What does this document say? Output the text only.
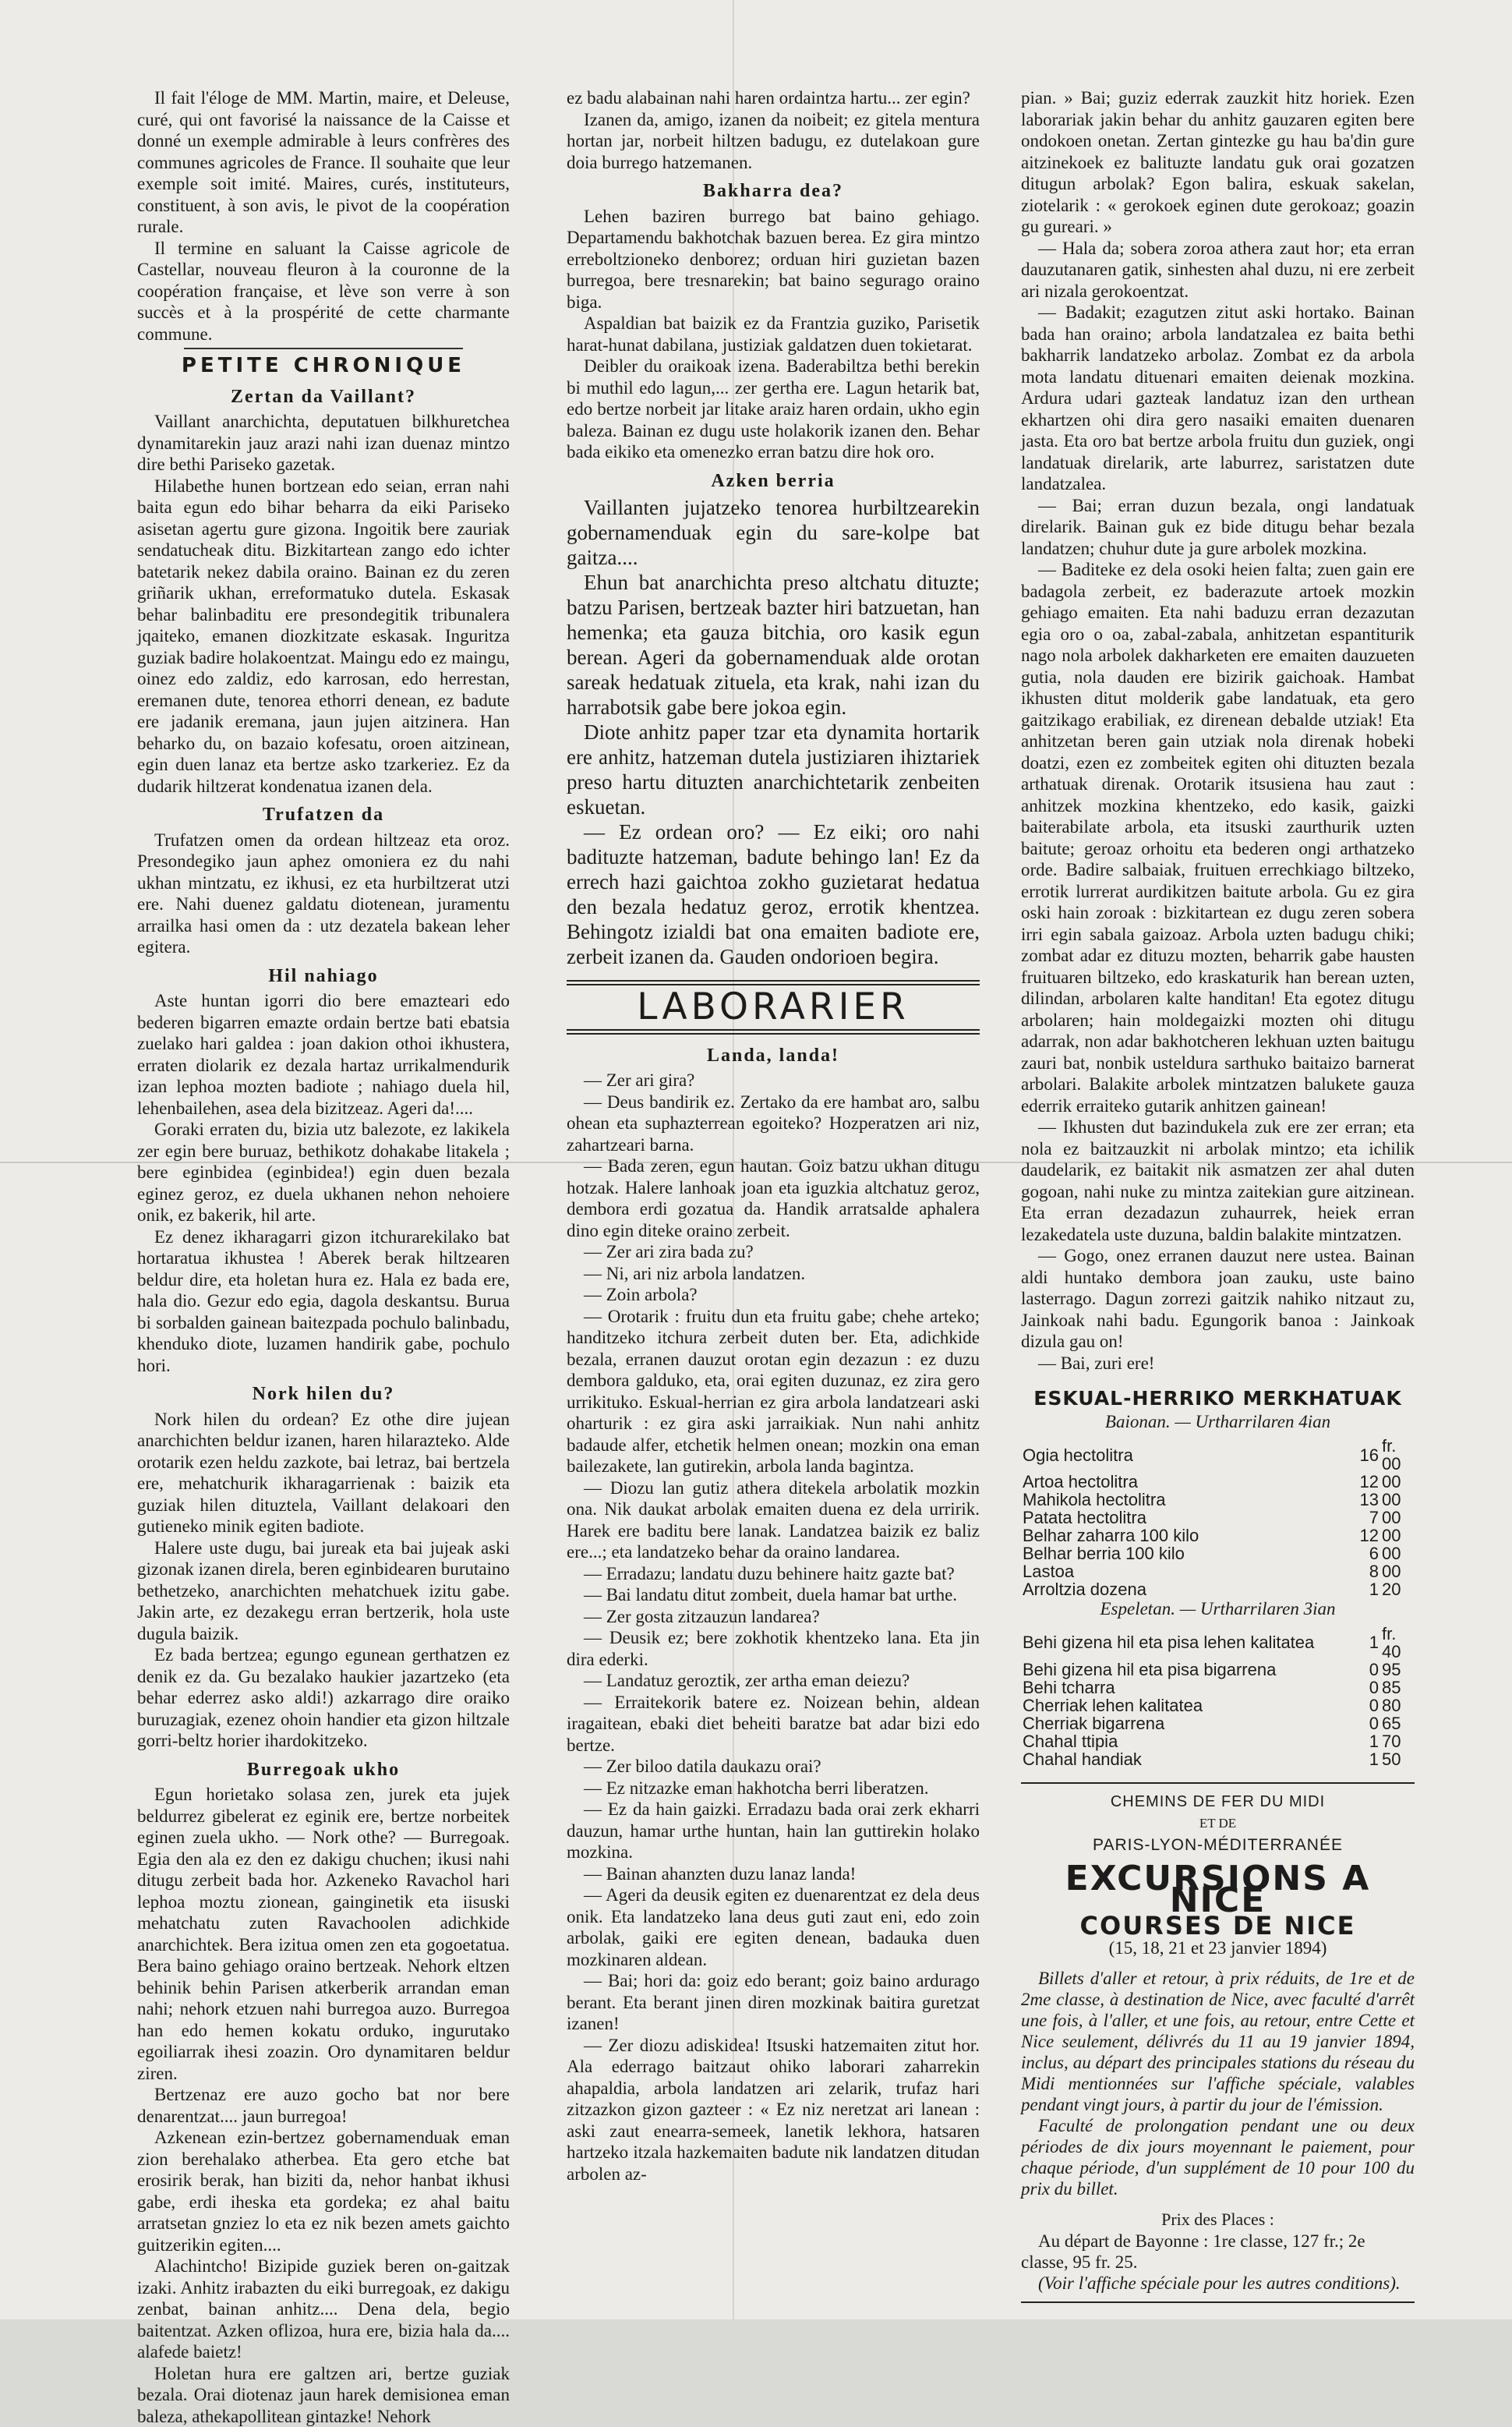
Il fait l'éloge de MM. Martin, maire, et Deleuse, curé, qui ont favorisé la naissance de la Caisse et donné un exemple admirable à leurs confrères des communes agricoles de France. Il souhaite que leur exemple soit imité. Maires, curés, instituteurs, constituent, à son avis, le pivot de la coopération rurale.

Il termine en saluant la Caisse agricole de Castellar, nouveau fleuron à la couronne de la coopération française, et lève son verre à son succès et à la prospérité de cette charmante commune.

PETITE CHRONIQUE
Zertan da Vaillant?

Vaillant anarchichta, deputatuen bilkhuretchea dynamitarekin jauz arazi nahi izan duenaz mintzo dire bethi Pariseko gazetak.

Hilabethe hunen bortzean edo seian, erran nahi baita egun edo bihar beharra da eiki Pariseko asisetan agertu gure gizona. Ingoitik bere zauriak sendatucheak ditu. Bizkitartean zango edo ichter batetarik nekez dabila oraino. Bainan ez du zeren griñarik ukhan, erreformatuko dutela. Eskasak behar balinbaditu ere presondegitik tribunalera jqaiteko, emanen diozkitzate eskasak. Inguritza guziak badire holakoentzat. Maingu edo ez maingu, oinez edo zaldiz, edo karrosan, edo herrestan, eremanen dute, tenorea ethorri denean, ez badute ere jadanik eremana, jaun jujen aitzinera. Han beharko du, on bazaio kofesatu, oroen aitzinean, egin duen lanaz eta bertze asko tzarkeriez. Ez da dudarik hiltzerat kondenatua izanen dela.

Trufatzen da

Trufatzen omen da ordean hiltzeaz eta oroz. Presondegiko jaun aphez omoniera ez du nahi ukhan mintzatu, ez ikhusi, ez eta hurbiltzerat utzi ere. Nahi duenez galdatu diotenean, juramentu arrailka hasi omen da : utz dezatela bakean leher egitera.

Hil nahiago

Aste huntan igorri dio bere emazteari edo bederen bigarren emazte ordain bertze bati ebatsia zuelako hari galdea : joan dakion othoi ikhustera, erraten diolarik ez dezala hartaz urrikalmendurik izan lephoa mozten badiote ; nahiago duela hil, lehenbailehen, asea dela bizitzeaz. Ageri da!....

Goraki erraten du, bizia utz balezote, ez lakikela zer egin bere buruaz, bethikotz dohakabe litakela ; bere eginbidea (eginbidea!) egin duen bezala eginez geroz, ez duela ukhanen nehon nehoiere onik, ez bakerik, hil arte.

Ez denez ikharagarri gizon itchurarekilako bat hortaratua ikhustea ! Aberek berak hiltzearen beldur dire, eta holetan hura ez. Hala ez bada ere, hala dio. Gezur edo egia, dagola deskantsu. Burua bi sorbalden gainean baitezpada pochulo balinbadu, khenduko diote, luzamen handirik gabe, pochulo hori.

Nork hilen du?

Nork hilen du ordean? Ez othe dire jujean anarchichten beldur izanen, haren hilarazteko. Alde orotarik ezen heldu zazkote, bai letraz, bai bertzela ere, mehatchurik ikharagarrienak : baizik eta guziak hilen dituztela, Vaillant delakoari den gutieneko minik egiten badiote.

Halere uste dugu, bai jureak eta bai jujeak aski gizonak izanen direla, beren eginbidearen burutaino bethetzeko, anarchichten mehatchuek izitu gabe. Jakin arte, ez dezakegu erran bertzerik, hola uste dugula baizik.

Ez bada bertzea; egungo egunean gerthatzen ez denik ez da. Gu bezalako haukier jazartzeko (eta behar ederrez asko aldi!) azkarrago dire oraiko buruzagiak, ezenez ohoin handier eta gizon hiltzale gorri-beltz horier ihardokitzeko.

Burregoak ukho

Egun horietako solasa zen, jurek eta jujek beldurrez gibelerat ez eginik ere, bertze norbeitek eginen zuela ukho. — Nork othe? — Burregoak. Egia den ala ez den ez dakigu chuchen; ikusi nahi ditugu zerbeit bada hor. Azkeneko Ravachol hari lephoa moztu zionean, gainginetik eta iisuski mehatchatu zuten Ravachoolen adichkide anarchichtek. Bera izitua omen zen eta gogoetatua. Bera baino gehiago oraino bertzeak. Nehork eltzen behinik behin Parisen atkerberik arrandan eman nahi; nehork etzuen nahi burregoa auzo. Burregoa han edo hemen kokatu orduko, ingurutako egoiliarrak ihesi zoazin. Oro dynamitaren beldur ziren.

Bertzenaz ere auzo gocho bat nor bere denarentzat.... jaun burregoa!

Azkenean ezin-bertzez gobernamenduak eman zion berehalako atherbea. Eta gero etche bat erosirik berak, han biziti da, nehor hanbat ikhusi gabe, erdi iheska eta gordeka; ez ahal baitu arratsetan gnziez lo eta ez nik bezen amets gaichto guitzerikin egiten....

Alachintcho! Bizipide guziek beren on-gaitzak izaki. Anhitz irabazten du eiki burregoak, ez dakigu zenbat, bainan anhitz.... Dena dela, begio baitentzat. Azken oflizoa, hura ere, bizia hala da.... alafede baietz!

Holetan hura ere galtzen ari, bertze guziak bezala. Orai diotenaz jaun harek demisionea eman baleza, athekapollitean gintazke! Nehork

ez badu alabainan nahi haren ordaintza hartu... zer egin?

Izanen da, amigo, izanen da noibeit; ez gitela mentura hortan jar, norbeit hiltzen badugu, ez dutelakoan gure doia burrego hatzemanen.

Bakharra dea?

Lehen baziren burrego bat baino gehiago. Departamendu bakhotchak bazuen berea. Ez gira mintzo erreboltzioneko denborez; orduan hiri guzietan bazen burregoa, bere tresnarekin; bat baino segurago oraino biga.

Aspaldian bat baizik ez da Frantzia guziko, Parisetik harat-hunat dabilana, justiziak galdatzen duen tokietarat.

Deibler du oraikoak izena. Baderabiltza bethi berekin bi muthil edo lagun,... zer gertha ere. Lagun hetarik bat, edo bertze norbeit jar litake araiz haren ordain, ukho egin baleza. Bainan ez dugu uste holakorik izanen den. Behar bada eikiko eta omenezko erran batzu dire hok oro.

Azken berria

Vaillanten jujatzeko tenorea hurbiltzearekin gobernamenduak egin du sare-kolpe bat gaitza....

Ehun bat anarchichta preso altchatu dituzte; batzu Parisen, bertzeak bazter hiri batzuetan, han hemenka; eta gauza bitchia, oro kasik egun berean. Ageri da gobernamenduak alde orotan sareak hedatuak zituela, eta krak, nahi izan du harrabotsik gabe bere jokoa egin.

Diote anhitz paper tzar eta dynamita hortarik ere anhitz, hatzeman dutela justiziaren ihiztariek preso hartu dituzten anarchichtetarik zenbeiten eskuetan.

— Ez ordean oro? — Ez eiki; oro nahi badituzte hatzeman, badute behingo lan! Ez da errech hazi gaichtoa zokho guzietarat hedatua den bezala hedatuz geroz, errotik khentzea. Behingotz izialdi bat ona emaiten badiote ere, zerbeit izanen da. Gauden ondorioen begira.

LABORARIER
Landa, landa!

— Zer ari gira?

— Deus bandirik ez. Zertako da ere hambat aro, salbu ohean eta suphazterrean egoiteko? Hozperatzen ari niz, zahartzeari barna.

— Bada zeren, egun hautan. Goiz batzu ukhan ditugu hotzak. Halere lanhoak joan eta iguzkia altchatuz geroz, dembora erdi gozatua da. Handik arratsalde aphalera dino egin diteke oraino zerbeit.

— Zer ari zira bada zu?

— Ni, ari niz arbola landatzen.

— Zoin arbola?

— Orotarik : fruitu dun eta fruitu gabe; chehe arteko; handitzeko itchura zerbeit duten ber. Eta, adichkide bezala, erranen dauzut orotan egin dezazun : ez duzu dembora galduko, eta, orai egiten duzunaz, ez zira gero urrikituko. Eskual-herrian ez gira arbola landatzeari aski oharturik : ez gira aski jarraikiak. Nun nahi anhitz badaude alfer, etchetik helmen onean; mozkin ona eman bailezakete, lan gutirekin, arbola landa bagintza.

— Diozu lan gutiz athera ditekela arbolatik mozkin ona. Nik daukat arbolak emaiten duena ez dela urririk. Harek ere baditu bere lanak. Landatzea baizik ez baliz ere...; eta landatzeko behar da oraino landarea.

— Erradazu; landatu duzu behinere haitz gazte bat?

— Bai landatu ditut zombeit, duela hamar bat urthe.

— Zer gosta zitzauzun landarea?

— Deusik ez; bere zokhotik khentzeko lana. Eta jin dira ederki.

— Landatuz geroztik, zer artha eman deiezu?

— Erraitekorik batere ez. Noizean behin, aldean iragaitean, ebaki diet beheiti baratze bat adar bizi edo bertze.

— Zer biloo datila daukazu orai?

— Ez nitzazke eman hakhotcha berri liberatzen.

— Ez da hain gaizki. Erradazu bada orai zerk ekharri dauzun, hamar urthe huntan, hain lan guttirekin holako mozkina.

— Bainan ahanzten duzu lanaz landa!

— Ageri da deusik egiten ez duenarentzat ez dela deus onik. Eta landatzeko lana deus guti zaut eni, edo zoin arbolak, gaiki ere egiten denean, badauka duen mozkinaren aldean.

— Bai; hori da: goiz edo berant; goiz baino ardurago berant. Eta berant jinen diren mozkinak baitira guretzat izanen!

— Zer diozu adiskidea! Itsuski hatzemaiten zitut hor. Ala ederrago baitzaut ohiko laborari zaharrekin ahapaldia, arbola landatzen ari zelarik, trufaz hari zitzazkon gizon gazteer : « Ez niz neretzat ari lanean : aski zaut enearra-semeek, lanetik lekhora, hatsaren hartzeko itzala hazkemaiten badute nik landatzen ditudan arbolen az-

pian. » Bai; guziz ederrak zauzkit hitz horiek. Ezen laborariak jakin behar du anhitz gauzaren egiten bere ondokoen onetan. Zertan gintezke gu hau ba'din gure aitzinekoek ez balituzte landatu guk orai gozatzen ditugun arbolak? Egon balira, eskuak sakelan, ziotelarik : « gerokoek eginen dute gerokoaz; goazin gu gureari. »

— Hala da; sobera zoroa athera zaut hor; eta erran dauzutanaren gatik, sinhesten ahal duzu, ni ere zerbeit ari nizala gerokoentzat.

— Badakit; ezagutzen zitut aski hortako. Bainan bada han oraino; arbola landatzalea ez baita bethi bakharrik landatzeko arbolaz. Zombat ez da arbola mota landatu dituenari emaiten deienak mozkina. Ardura udari gazteak landatuz izan den urthean ekhartzen ohi dira gero nasaiki emaiten duenaren jasta. Eta oro bat bertze arbola fruitu dun guziek, ongi landatuak direlarik, arte laburrez, saristatzen dute landatzalea.

— Bai; erran duzun bezala, ongi landatuak direlarik. Bainan guk ez bide ditugu behar bezala landatzen; chuhur dute ja gure arbolek mozkina.

— Baditeke ez dela osoki heien falta; zuen gain ere badagola zerbeit, ez baderazute artoek mozkin gehiago emaiten. Eta nahi baduzu erran dezazutan egia oro o oa, zabal-zabala, anhitzetan espantiturik nago nola arbolek dakharketen ere emaiten dauzueten gutia, nola dauden ere bizirik gaichoak. Hambat ikhusten ditut molderik gabe landatuak, eta gero gaitzikago erabiliak, ez direnean debalde utziak! Eta anhitzetan beren gain utziak nola direnak hobeki doatzi, ezen ez zombeitek egiten ohi dituzten bezala arthatuak direnak. Orotarik itsusiena hau zaut : anhitzek mozkina khentzeko, edo kasik, gaizki baiterabilate arbola, eta itsuski zaurthurik uzten baitute; geroaz orhoitu eta bederen ongi arthatzeko orde. Badire salbaiak, fruituen errechkiago biltzeko, errotik lurrerat aurdikitzen baitute arbola. Gu ez gira oski hain zoroak : bizkitartean ez dugu zeren sobera irri egin sabala gaizoaz. Arbola uzten badugu chiki; zombat adar ez dituzu mozten, beharrik gabe hausten fruituaren biltzeko, edo kraskaturik han berean uzten, dilindan, arbolaren kalte handitan! Eta egotez ditugu arbolaren; hain moldegaizki mozten ohi ditugu adarrak, non adar bakhotcheren lekhuan uzten baitugu zauri bat, nonbik usteldura sarthuko baitaizo barnerat arbolari. Balakite arbolek mintzatzen balukete gauza ederrik erraiteko gutarik anhitzen gainean!

— Ikhusten dut bazindukela zuk ere zer erran; eta nola ez baitzauzkit ni arbolak mintzo; eta ichilik daudelarik, ez baitakit nik asmatzen zer ahal duten gogoan, nahi nuke zu mintza zaitekian gure aitzinean. Eta erran dezadazun zuhaurrek, heiek erran lezakedatela uste duzuna, baldin balakite mintzatzen.

— Gogo, onez erranen dauzut nere ustea. Bainan aldi huntako dembora joan zauku, uste baino lasterrago. Dagun zorrezi gaitzik nahiko nitzaut zu, Jainkoak nahi badu. Egungorik banoa : Jainkoak dizula gau on!

— Bai, zuri ere!

ESKUAL-HERRIKO MERKHATUAK
Baionan. — Urtharrilaren 4ian
Ogia hectolitra	16	fr. 00
Artoa hectolitra	12	00
Mahikola hectolitra	13	00
Patata hectolitra	7	00
Belhar zaharra 100 kilo	12	00
Belhar berria 100 kilo	6	00
Lastoa	8	00
Arroltzia dozena	1	20
Espeletan. — Urtharrilaren 3ian
Behi gizena hil eta pisa lehen kalitatea	1	fr. 40
Behi gizena hil eta pisa bigarrena	0	95
Behi tcharra	0	85
Cherriak lehen kalitatea	0	80
Cherriak bigarrena	0	65
Chahal ttipia	1	70
Chahal handiak	1	50
CHEMINS DE FER DU MIDI
ET DE
PARIS-LYON-MÉDITERRANÉE
EXCURSIONS A NICE
COURSES DE NICE
(15, 18, 21 et 23 janvier 1894)

Billets d'aller et retour, à prix réduits, de 1re et de 2me classe, à destination de Nice, avec faculté d'arrêt une fois, à l'aller, et une fois, au retour, entre Cette et Nice seulement, délivrés du 11 au 19 janvier 1894, inclus, au départ des principales stations du réseau du Midi mentionnées sur l'affiche spéciale, valables pendant vingt jours, à partir du jour de l'émission.

Faculté de prolongation pendant une ou deux périodes de dix jours moyennant le paiement, pour chaque période, d'un supplément de 10 pour 100 du prix du billet.

Prix des Places :

Au départ de Bayonne : 1re classe, 127 fr.; 2e classe, 95 fr. 25.

(Voir l'affiche spéciale pour les autres conditions).
